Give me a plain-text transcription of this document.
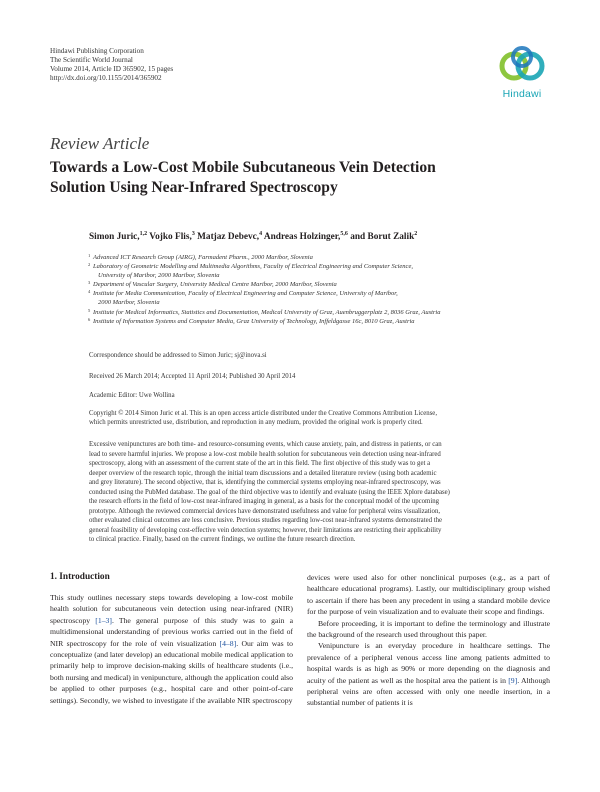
Hindawi Publishing Corporation
The Scientific World Journal
Volume 2014, Article ID 365902, 15 pages
http://dx.doi.org/10.1155/2014/365902
Hindawi
Review Article
Towards a Low-Cost Mobile Subcutaneous Vein Detection
Solution Using Near-Infrared Spectroscopy
Simon Juric,$^{1,2}$ Vojko Flis,$^3$ Matjaz Debevc,$^4$ Andreas Holzinger,$^{5,6}$ and Borut Zalik$^2$
1 Advanced ICT Research Group (AIRG), Farmadent Pharm., 2000 Maribor, Slovenia
2 Laboratory of Geometric Modelling and Multimedia Algorithms, Faculty of Electrical Engineering and Computer Science,
University of Maribor, 2000 Maribor, Slovenia
3 Department of Vascular Surgery, University Medical Centre Maribor, 2000 Maribor, Slovenia
4 Institute for Media Communication, Faculty of Electrical Engineering and Computer Science, University of Maribor,
2000 Maribor, Slovenia
5 Institute for Medical Informatics, Statistics and Documentation, Medical University of Graz, Auenbruggerplatz 2, 8036 Graz, Austria
6 Institute of Information Systems and Computer Media, Graz University of Technology, Inffeldgasse 16c, 8010 Graz, Austria
Correspondence should be addressed to Simon Juric; sj@inova.si
Received 26 March 2014; Accepted 11 April 2014; Published 30 April 2014
Academic Editor: Uwe Wollina
Copyright © 2014 Simon Juric et al. This is an open access article distributed under the Creative Commons Attribution License,
which permits unrestricted use, distribution, and reproduction in any medium, provided the original work is properly cited.
Excessive venipunctures are both time- and resource-consuming events, which cause anxiety, pain, and distress in patients, or can
lead to severe harmful injuries. We propose a low-cost mobile health solution for subcutaneous vein detection using near-infrared
spectroscopy, along with an assessment of the current state of the art in this field. The first objective of this study was to get a
deeper overview of the research topic, through the initial team discussions and a detailed literature review (using both academic
and grey literature). The second objective, that is, identifying the commercial systems employing near-infrared spectroscopy, was
conducted using the PubMed database. The goal of the third objective was to identify and evaluate (using the IEEE Xplore database)
the research efforts in the field of low-cost near-infrared imaging in general, as a basis for the conceptual model of the upcoming
prototype. Although the reviewed commercial devices have demonstrated usefulness and value for peripheral veins visualization,
other evaluated clinical outcomes are less conclusive. Previous studies regarding low-cost near-infrared systems demonstrated the
general feasibility of developing cost-effective vein detection systems; however, their limitations are restricting their applicability
to clinical practice. Finally, based on the current findings, we outline the future research direction.
1. Introduction

This study outlines necessary steps towards developing a low-cost mobile health solution for subcutaneous vein detection using near-infrared (NIR) spectroscopy [1–3]. The general purpose of this study was to gain a multidimensional understanding of previous works carried out in the field of NIR spectroscopy for the role of vein visualization [4–8]. Our aim was to conceptualize (and later develop) an educational mobile medical application to primarily help to improve decision-making skills of healthcare students (i.e., both nursing and medical) in venipuncture, although the application could also be applied to other purposes (e.g., hospital care and other point-of-care settings). Secondly, we wished to investigate if the available NIR spectroscopy

devices were used also for other nonclinical purposes (e.g., as a part of healthcare educational programs). Lastly, our multidisciplinary group wished to ascertain if there has been any precedent in using a standard mobile device for the purpose of vein visualization and to evaluate their scope and findings.

Before proceeding, it is important to define the terminology and illustrate the background of the research used throughout this paper.

Venipuncture is an everyday procedure in healthcare settings. The prevalence of a peripheral venous access line among patients admitted to hospital wards is as high as 90% or more depending on the diagnosis and acuity of the patient as well as the hospital area the patient is in [9]. Although peripheral veins are often accessed with only one needle insertion, in a substantial number of patients it is
